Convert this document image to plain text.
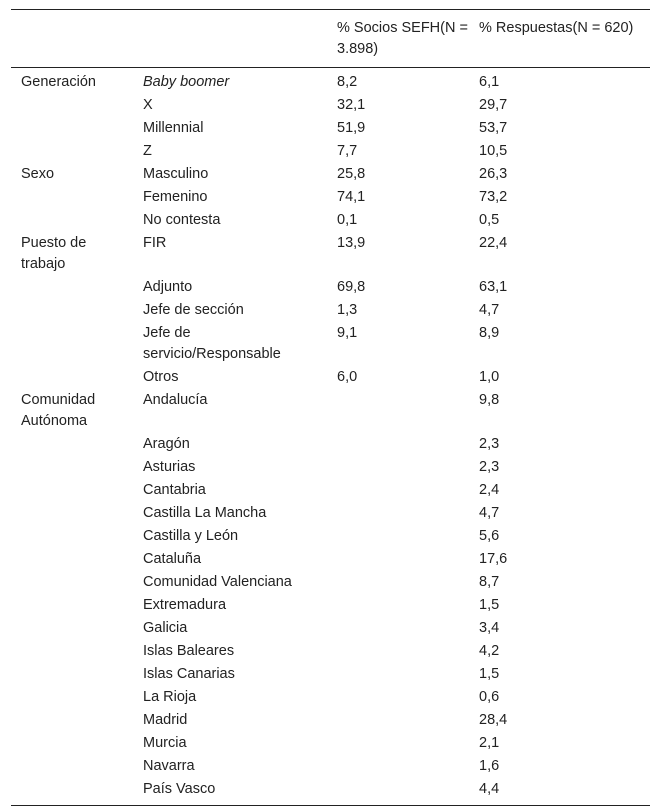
		% Socios SEFH(N = 3.898)	% Respuestas(N = 620)
Generación	Baby boomer	8,2	6,1
	X	32,1	29,7
	Millennial	51,9	53,7
	Z	7,7	10,5
Sexo	Masculino	25,8	26,3
	Femenino	74,1	73,2
	No contesta	0,1	0,5
Puesto de trabajo	FIR	13,9	22,4
	Adjunto	69,8	63,1
	Jefe de sección	1,3	4,7
	Jefe de servicio/Responsable	9,1	8,9
	Otros	6,0	1,0
Comunidad Autónoma	Andalucía		9,8
	Aragón		2,3
	Asturias		2,3
	Cantabria		2,4
	Castilla La Mancha		4,7
	Castilla y León		5,6
	Cataluña		17,6
	Comunidad Valenciana		8,7
	Extremadura		1,5
	Galicia		3,4
	Islas Baleares		4,2
	Islas Canarias		1,5
	La Rioja		0,6
	Madrid		28,4
	Murcia		2,1
	Navarra		1,6
	País Vasco		4,4
